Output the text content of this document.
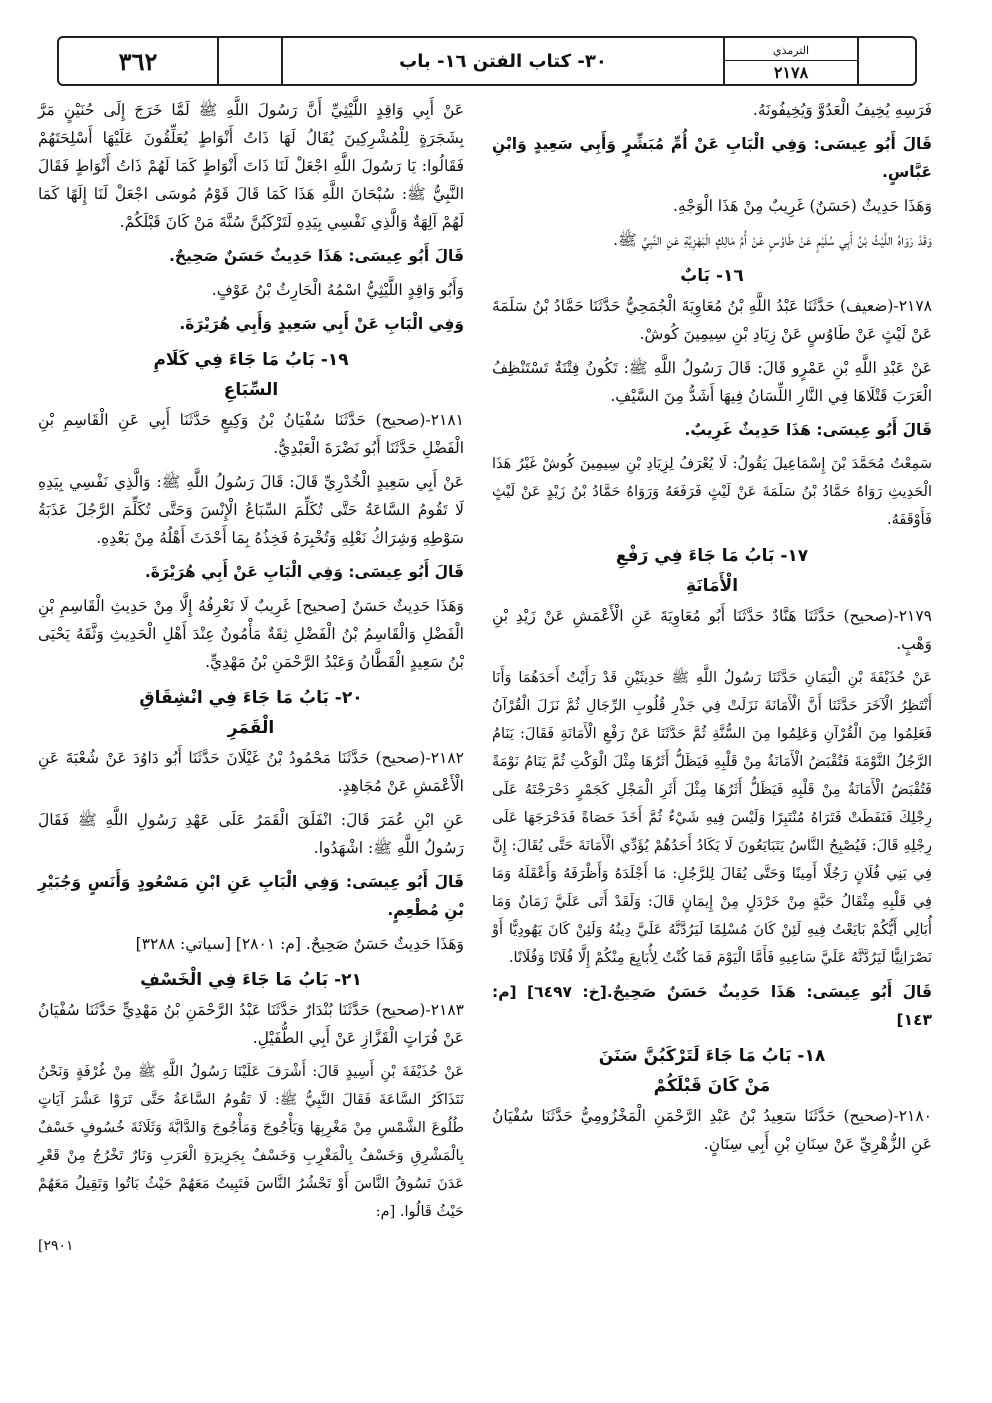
٣٦٢	٣٠- كتاب الفتن ١٦- باب
الترمذي
٢١٧٨

فَرَسِهِ يُخِيفُ الْعَدُوَّ وَيُخِيفُونَهُ.

قَالَ أَبُو عِيسَى: وَفِي الْبَابِ عَنْ أُمِّ مُبَشِّرٍ وَأَبِي سَعِيدٍ وَابْنِ عَبَّاسٍ.

وَهَذَا حَدِيثٌ (حَسَنٌ) غَرِيبٌ مِنْ هَذَا الْوَجْهِ.

وَقَدْ رَوَاهُ اللَّيْثُ بْنُ أَبِي سُلَيْمٍ عَنْ طَاوُسٍ عَنْ أُمِّ مَالِكٍ الْبَهْزِيَّةِ عَنِ النَّبِيِّ ﷺ.

١٦- بَابٌ

٢١٧٨-(ضعيف) حَدَّثَنَا عَبْدُ اللَّهِ بْنُ مُعَاوِيَةَ الْجُمَحِيُّ حَدَّثَنَا حَمَّادُ بْنُ سَلَمَةَ عَنْ لَيْثٍ عَنْ طَاوُسٍ عَنْ زِيَادِ بْنِ سِيمِينَ كُوشْ.

عَنْ عَبْدِ اللَّهِ بْنِ عَمْرٍو قَالَ: قَالَ رَسُولُ اللَّهِ ﷺ: تَكُونُ فِتْنَةٌ تَسْتَنْظِفُ الْعَرَبَ قَتْلَاهَا فِي النَّارِ اللِّسَانُ فِيهَا أَشَدُّ مِنَ السَّيْفِ.

قَالَ أَبُو عِيسَى: هَذَا حَدِيثٌ غَرِيبٌ.

سَمِعْتُ مُحَمَّدَ بْنَ إِسْمَاعِيلَ يَقُولُ: لَا يُعْرَفُ لِزِيَادِ بْنِ سِيمِينَ كُوشْ غَيْرُ هَذَا الْحَدِيثِ رَوَاهُ حَمَّادُ بْنُ سَلَمَةَ عَنْ لَيْثٍ فَرَفَعَهُ وَرَوَاهُ حَمَّادُ بْنُ زَيْدٍ عَنْ لَيْثٍ فَأَوْقَفَهُ.

١٧- بَابُ مَا جَاءَ فِي رَفْعِ
الْأَمَانَةِ

٢١٧٩-(صحيح) حَدَّثَنَا هَنَّادٌ حَدَّثَنَا أَبُو مُعَاوِيَةَ عَنِ الْأَعْمَشِ عَنْ زَيْدِ بْنِ وَهْبٍ.

عَنْ حُذَيْفَةَ بْنِ الْيَمَانِ حَدَّثَنَا رَسُولُ اللَّهِ ﷺ حَدِيثَيْنِ قَدْ رَأَيْتُ أَحَدَهُمَا وَأَنَا أَنْتَظِرُ الْآخَرَ حَدَّثَنَا أَنَّ الْأَمَانَةَ نَزَلَتْ فِي جَذْرِ قُلُوبِ الرِّجَالِ ثُمَّ نَزَلَ الْقُرْآنُ فَعَلِمُوا مِنَ الْقُرْآنِ وَعَلِمُوا مِنَ السُّنَّةِ ثُمَّ حَدَّثَنَا عَنْ رَفْعِ الْأَمَانَةِ فَقَالَ: يَنَامُ الرَّجُلُ النَّوْمَةَ فَتُقْبَضُ الْأَمَانَةُ مِنْ قَلْبِهِ فَيَظَلُّ أَثَرُهَا مِثْلَ الْوَكْتِ ثُمَّ يَنَامُ نَوْمَةً فَتُقْبَضُ الْأَمَانَةُ مِنْ قَلْبِهِ فَيَظَلُّ أَثَرُهَا مِثْلَ أَثَرِ الْمَجْلِ كَجَمْرٍ دَحْرَجْتَهُ عَلَى رِجْلِكَ فَنَفَطَتْ فَتَرَاهُ مُنْتَبِرًا وَلَيْسَ فِيهِ شَيْءٌ ثُمَّ أَخَذَ حَصَاةً فَدَحْرَجَهَا عَلَى رِجْلِهِ قَالَ: فَيُصْبِحُ النَّاسُ يَتَبَايَعُونَ لَا يَكَادُ أَحَدُهُمْ يُؤَدِّي الْأَمَانَةَ حَتَّى يُقَالَ: إِنَّ فِي بَنِي فُلَانٍ رَجُلًا أَمِينًا وَحَتَّى يُقَالَ لِلرَّجُلِ: مَا أَجْلَدَهُ وَأَظْرَفَهُ وَأَعْقَلَهُ وَمَا فِي قَلْبِهِ مِثْقَالُ حَبَّةٍ مِنْ خَرْدَلٍ مِنْ إِيمَانٍ قَالَ: وَلَقَدْ أَتَى عَلَيَّ زَمَانٌ وَمَا أُبَالِي أَيُّكُمْ بَايَعْتُ فِيهِ لَئِنْ كَانَ مُسْلِمًا لَيَرُدَّنَّهُ عَلَيَّ دِينُهُ وَلَئِنْ كَانَ يَهُودِيًّا أَوْ نَصْرَانِيًّا لَيَرُدَّنَّهُ عَلَيَّ سَاعِيهِ فَأَمَّا الْيَوْمَ فَمَا كُنْتُ لِأُبَايِعَ مِنْكُمْ إِلَّا فُلَانًا وَفُلَانًا.

قَالَ أَبُو عِيسَى: هَذَا حَدِيثٌ حَسَنٌ صَحِيحٌ.[خ: ٦٤٩٧] [م: ١٤٣]

١٨- بَابُ مَا جَاءَ لَتَرْكَبُنَّ سَنَنَ
مَنْ كَانَ قَبْلَكُمْ

٢١٨٠-(صحيح) حَدَّثَنَا سَعِيدُ بْنُ عَبْدِ الرَّحْمَنِ الْمَخْزُومِيُّ حَدَّثَنَا سُفْيَانُ عَنِ الزُّهْرِيِّ عَنْ سِنَانِ بْنِ أَبِي سِنَانٍ.

عَنْ أَبِي وَاقِدٍ اللَّيْثِيِّ أَنَّ رَسُولَ اللَّهِ ﷺ لَمَّا خَرَجَ إِلَى حُنَيْنٍ مَرَّ بِشَجَرَةٍ لِلْمُشْرِكِينَ يُقَالُ لَهَا ذَاتُ أَنْوَاطٍ يُعَلِّقُونَ عَلَيْهَا أَسْلِحَتَهُمْ فَقَالُوا: يَا رَسُولَ اللَّهِ اجْعَلْ لَنَا ذَاتَ أَنْوَاطٍ كَمَا لَهُمْ ذَاتُ أَنْوَاطٍ فَقَالَ النَّبِيُّ ﷺ: سُبْحَانَ اللَّهِ هَذَا كَمَا قَالَ قَوْمُ مُوسَى اجْعَلْ لَنَا إِلَهًا كَمَا لَهُمْ آلِهَةٌ وَالَّذِي نَفْسِي بِيَدِهِ لَتَرْكَبُنَّ سُنَّةَ مَنْ كَانَ قَبْلَكُمْ.

قَالَ أَبُو عِيسَى: هَذَا حَدِيثٌ حَسَنٌ صَحِيحٌ.

وَأَبُو وَاقِدٍ اللَّيْثِيُّ اسْمُهُ الْحَارِثُ بْنُ عَوْفٍ.

وَفِي الْبَابِ عَنْ أَبِي سَعِيدٍ وَأَبِي هُرَيْرَةَ.

١٩- بَابُ مَا جَاءَ فِي كَلَامِ
السِّبَاعِ

٢١٨١-(صحيح) حَدَّثَنَا سُفْيَانُ بْنُ وَكِيعٍ حَدَّثَنَا أَبِي عَنِ الْقَاسِمِ بْنِ الْفَضْلِ حَدَّثَنَا أَبُو نَضْرَةَ الْعَبْدِيُّ.

عَنْ أَبِي سَعِيدٍ الْخُدْرِيِّ قَالَ: قَالَ رَسُولُ اللَّهِ ﷺ: وَالَّذِي نَفْسِي بِيَدِهِ لَا تَقُومُ السَّاعَةُ حَتَّى تُكَلِّمَ السِّبَاعُ الْإِنْسَ وَحَتَّى تُكَلِّمَ الرَّجُلَ عَذَبَةُ سَوْطِهِ وَشِرَاكُ نَعْلِهِ وَتُخْبِرَهُ فَخِذُهُ بِمَا أَحْدَثَ أَهْلُهُ مِنْ بَعْدِهِ.

قَالَ أَبُو عِيسَى: وَفِي الْبَابِ عَنْ أَبِي هُرَيْرَةَ.

وَهَذَا حَدِيثٌ حَسَنٌ [صحيح] غَرِيبٌ لَا نَعْرِفُهُ إِلَّا مِنْ حَدِيثِ الْقَاسِمِ بْنِ الْفَضْلِ وَالْقَاسِمُ بْنُ الْفَضْلِ ثِقَةٌ مَأْمُونٌ عِنْدَ أَهْلِ الْحَدِيثِ وَثَّقَهُ يَحْيَى بْنُ سَعِيدٍ الْقَطَّانُ وَعَبْدُ الرَّحْمَنِ بْنُ مَهْدِيٍّ.

٢٠- بَابُ مَا جَاءَ فِي انْشِقَاقِ
الْقَمَرِ

٢١٨٢-(صحيح) حَدَّثَنَا مَحْمُودُ بْنُ غَيْلَانَ حَدَّثَنَا أَبُو دَاوُدَ عَنْ شُعْبَةَ عَنِ الْأَعْمَشِ عَنْ مُجَاهِدٍ.

عَنِ ابْنِ عُمَرَ قَالَ: انْفَلَقَ الْقَمَرُ عَلَى عَهْدِ رَسُولِ اللَّهِ ﷺ فَقَالَ رَسُولُ اللَّهِ ﷺ: اشْهَدُوا.

قَالَ أَبُو عِيسَى: وَفِي الْبَابِ عَنِ ابْنِ مَسْعُودٍ وَأَنَسٍ وَجُبَيْرِ بْنِ مُطْعِمٍ.

وَهَذَا حَدِيثٌ حَسَنٌ صَحِيحٌ. [م: ٢٨٠١] [سياتي: ٣٢٨٨]

٢١- بَابُ مَا جَاءَ فِي الْخَسْفِ

٢١٨٣-(صحيح) حَدَّثَنَا بُنْدَارٌ حَدَّثَنَا عَبْدُ الرَّحْمَنِ بْنُ مَهْدِيٍّ حَدَّثَنَا سُفْيَانُ عَنْ فُرَاتٍ الْقَزَّازِ عَنْ أَبِي الطُّفَيْلِ.

عَنْ حُذَيْفَةَ بْنِ أَسِيدٍ قَالَ: أَشْرَفَ عَلَيْنَا رَسُولُ اللَّهِ ﷺ مِنْ غُرْفَةٍ وَنَحْنُ نَتَذَاكَرُ السَّاعَةَ فَقَالَ النَّبِيُّ ﷺ: لَا تَقُومُ السَّاعَةُ حَتَّى تَرَوْا عَشْرَ آيَاتٍ طُلُوعَ الشَّمْسِ مِنْ مَغْرِبِهَا وَيَأْجُوجَ وَمَأْجُوجَ وَالدَّابَّةَ وَثَلَاثَةَ خُسُوفٍ خَسْفٌ بِالْمَشْرِقِ وَخَسْفٌ بِالْمَغْرِبِ وَخَسْفٌ بِجَزِيرَةِ الْعَرَبِ وَنَارٌ تَخْرُجُ مِنْ قَعْرِ عَدَنَ تَسُوقُ النَّاسَ أَوْ تَحْشُرُ النَّاسَ فَتَبِيتُ مَعَهُمْ حَيْثُ بَاتُوا وَتَقِيلُ مَعَهُمْ حَيْثُ قَالُوا. [م:

٢٩٠١]
